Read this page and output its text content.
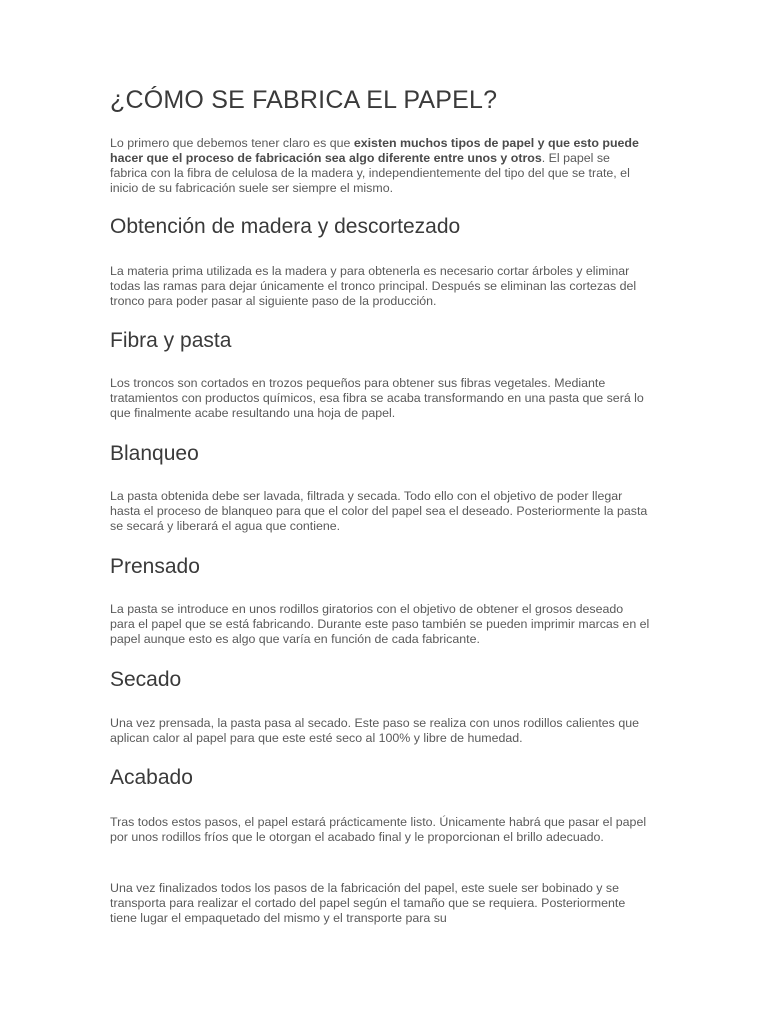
¿CÓMO SE FABRICA EL PAPEL?

Lo primero que debemos tener claro es que existen muchos tipos de papel y que esto puede hacer que el proceso de fabricación sea algo diferente entre unos y otros. El papel se fabrica con la fibra de celulosa de la madera y, independientemente del tipo del que se trate, el inicio de su fabricación suele ser siempre el mismo.

Obtención de madera y descortezado

La materia prima utilizada es la madera y para obtenerla es necesario cortar árboles y eliminar todas las ramas para dejar únicamente el tronco principal. Después se eliminan las cortezas del tronco para poder pasar al siguiente paso de la producción.

Fibra y pasta

Los troncos son cortados en trozos pequeños para obtener sus fibras vegetales. Mediante tratamientos con productos químicos, esa fibra se acaba transformando en una pasta que será lo que finalmente acabe resultando una hoja de papel.

Blanqueo

La pasta obtenida debe ser lavada, filtrada y secada. Todo ello con el objetivo de poder llegar hasta el proceso de blanqueo para que el color del papel sea el deseado. Posteriormente la pasta se secará y liberará el agua que contiene.

Prensado

La pasta se introduce en unos rodillos giratorios con el objetivo de obtener el grosos deseado para el papel que se está fabricando. Durante este paso también se pueden imprimir marcas en el papel aunque esto es algo que varía en función de cada fabricante.

Secado

Una vez prensada, la pasta pasa al secado. Este paso se realiza con unos rodillos calientes que aplican calor al papel para que este esté seco al 100% y libre de humedad.

Acabado

Tras todos estos pasos, el papel estará prácticamente listo. Únicamente habrá que pasar el papel por unos rodillos fríos que le otorgan el acabado final y le proporcionan el brillo adecuado.

Una vez finalizados todos los pasos de la fabricación del papel, este suele ser bobinado y se transporta para realizar el cortado del papel según el tamaño que se requiera. Posteriormente tiene lugar el empaquetado del mismo y el transporte para su
